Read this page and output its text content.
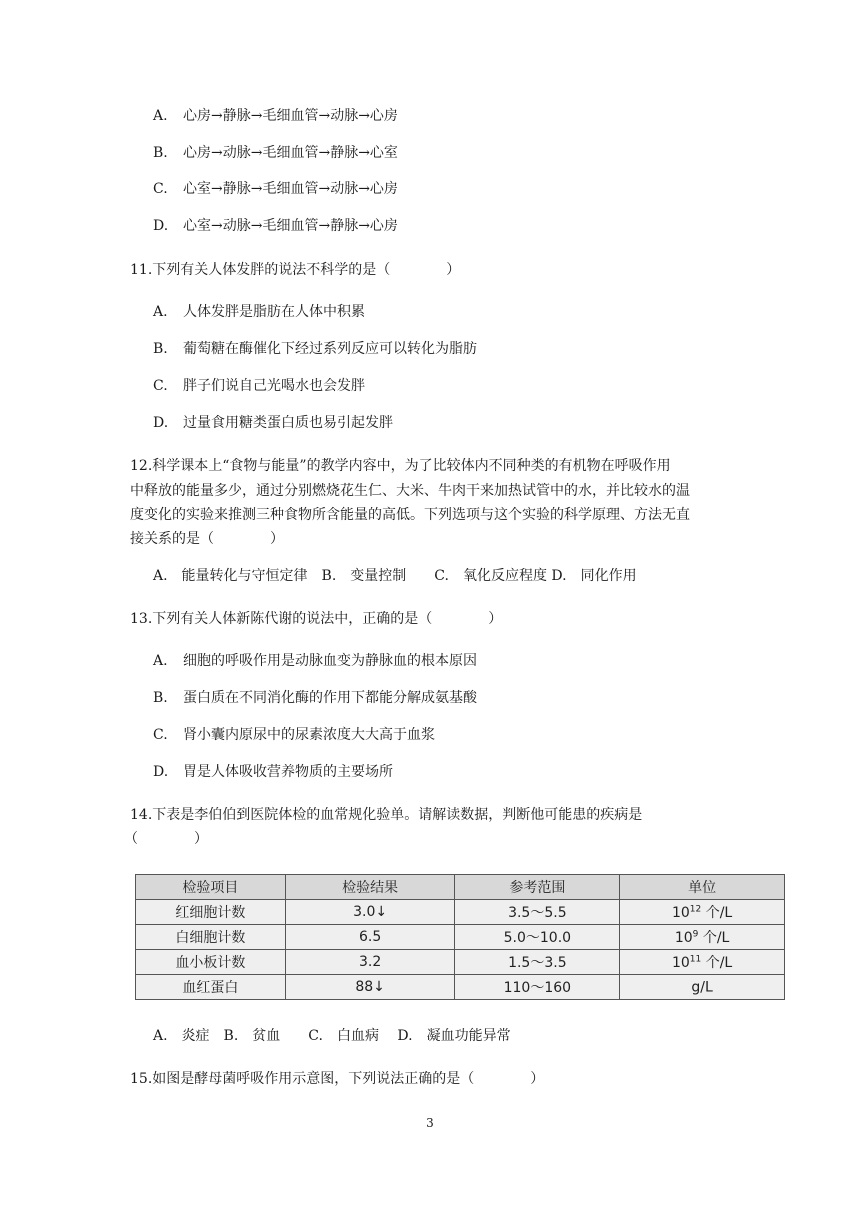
A. 心房→静脉→毛细血管→动脉→心房
B. 心房→动脉→毛细血管→静脉→心室
C. 心室→静脉→毛细血管→动脉→心房
D. 心室→动脉→毛细血管→静脉→心房
11.下列有关人体发胖的说法不科学的是（　　　　）
A. 人体发胖是脂肪在人体中积累
B. 葡萄糖在酶催化下经过系列反应可以转化为脂肪
C. 胖子们说自己光喝水也会发胖
D. 过量食用糖类蛋白质也易引起发胖
12.科学课本上“食物与能量”的教学内容中，为了比较体内不同种类的有机物在呼吸作用
中释放的能量多少，通过分别燃烧花生仁、大米、牛肉干来加热试管中的水，并比较水的温
度变化的实验来推测三种食物所含能量的高低。下列选项与这个实验的科学原理、方法无直
接关系的是（　　　　）
A.　能量转化与守恒定律　B.　变量控制　　C.　氧化反应程度 D.　同化作用
13.下列有关人体新陈代谢的说法中，正确的是（　　　　）
A. 细胞的呼吸作用是动脉血变为静脉血的根本原因
B. 蛋白质在不同消化酶的作用下都能分解成氨基酸
C. 肾小囊内原尿中的尿素浓度大大高于血浆
D. 胃是人体吸收营养物质的主要场所
14.下表是李伯伯到医院体检的血常规化验单。请解读数据，判断他可能患的疾病是
（　　　　）
检验项目	检验结果	参考范围	单位
红细胞计数	3.0↓	3.5～5.5	$10^{12}$ 个/L
白细胞计数	6.5	5.0～10.0	$10^9$ 个/L
血小板计数	3.2	1.5～3.5	$10^{11}$ 个/L
血红蛋白	88↓	110～160	g/L
A.　炎症　B.　贫血　　C.　白血病　 D.　凝血功能异常
15.如图是酵母菌呼吸作用示意图，下列说法正确的是（　　　　）
3
